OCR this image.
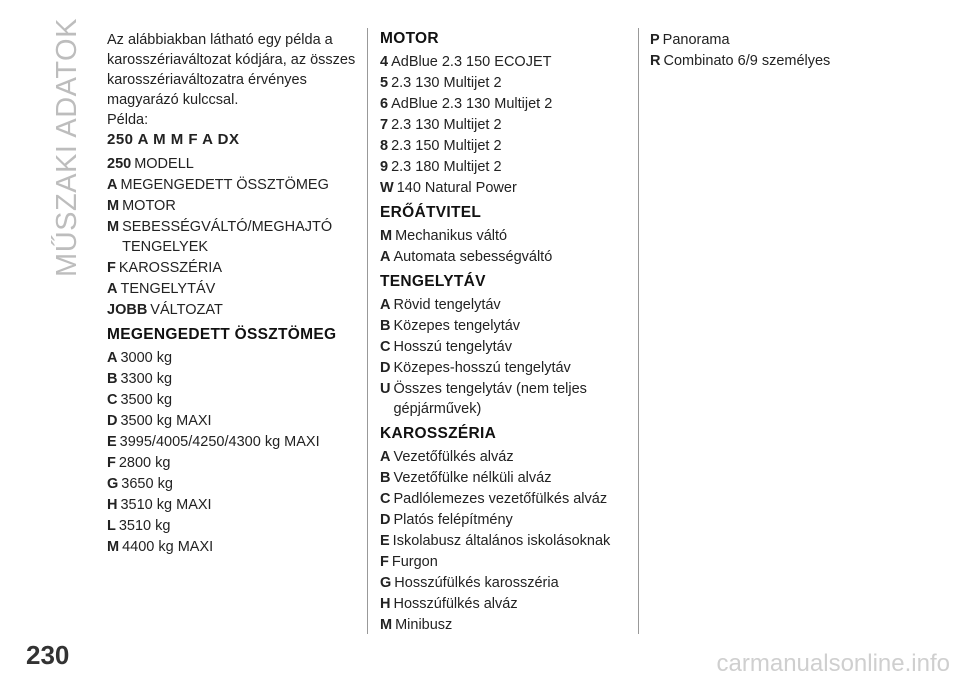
MŰSZAKI ADATOK Az alábbiakban látható egy példa a karosszériaváltozat kódjára, az összes karosszériaváltozatra érvényes magyarázó kulccsal.

Példa:

250 A M M F A DX

250 MODELL
A MEGENGEDETT ÖSSZTÖMEG
M MOTOR
M SEBESSÉGVÁLTÓ/MEGHAJTÓ TENGELYEK
F KAROSSZÉRIA
A TENGELYTÁV
JOBB VÁLTOZAT
MEGENGEDETT ÖSSZTÖMEG
A 3000 kg
B 3300 kg
C 3500 kg
D 3500 kg MAXI
E 3995/4005/4250/4300 kg MAXI
F 2800 kg
G 3650 kg
H 3510 kg MAXI
L 3510 kg
M 4400 kg MAXI
MOTOR
4 AdBlue 2.3 150 ECOJET
5 2.3 130 Multijet 2
6 AdBlue 2.3 130 Multijet 2
7 2.3 130 Multijet 2
8 2.3 150 Multijet 2
9 2.3 180 Multijet 2
W 140 Natural Power
ERŐÁTVITEL
M Mechanikus váltó
A Automata sebességváltó
TENGELYTÁV
A Rövid tengelytáv
B Közepes tengelytáv
C Hosszú tengelytáv
D Közepes-hosszú tengelytáv
U Összes tengelytáv (nem teljes gépjárművek)
KAROSSZÉRIA
A Vezetőfülkés alváz
B Vezetőfülke nélküli alváz
C Padlólemezes vezetőfülkés alváz
D Platós felépítmény
E Iskolabusz általános iskolásoknak
F Furgon
G Hosszúfülkés karosszéria
H Hosszúfülkés alváz
M Minibusz
P Panorama
R Combinato 6/9 személyes
230	carmanualsonline.info
